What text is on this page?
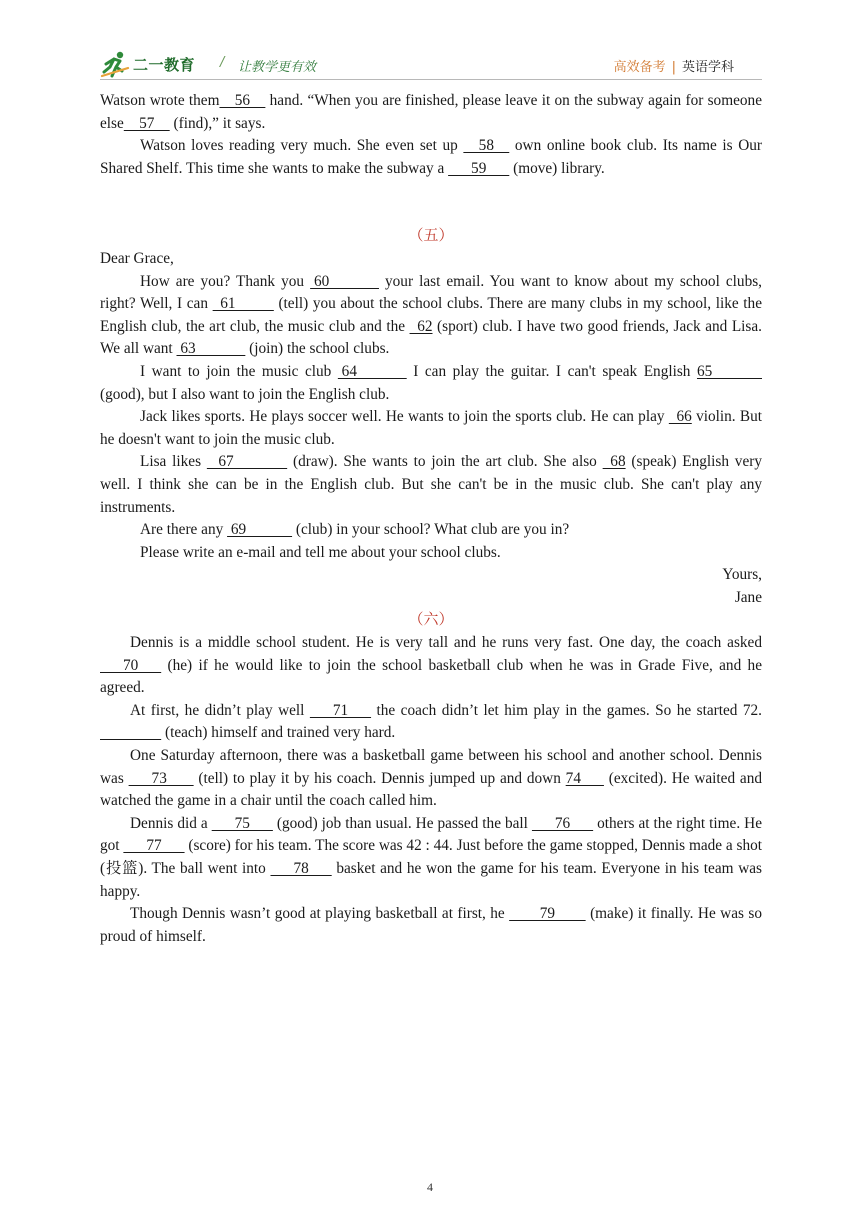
二一教育 / 让教学更有效	高效备考 | 英语学科

Watson wrote them    56     hand. “When you are finished, please leave it on the subway again for someone else    57     (find),” it says.

Watson loves reading very much. She even set up     58     own online book club. Its name is Our Shared Shelf. This time she wants to make the subway a       59       (move) library.

（五）

Dear Grace,

How are you? Thank you  60              your last email. You want to know about my school clubs, right? Well, I can   61           (tell) you about the school clubs. There are many clubs in my school, like the English club, the art club, the music club and the   62 (sport) club. I have two good friends, Jack and Lisa. We all want  63              (join) the school clubs.

I want to join the music club  64              I can play the guitar. I can't speak English 65              (good), but I also want to join the English club.

Jack likes sports. He plays soccer well. He wants to join the sports club. He can play   66 violin. But he doesn't want to join the music club.

Lisa likes    67               (draw). She wants to join the art club. She also   68 (speak) English very well. I think she can be in the English club. But she can't be in the music club. She can't play any instruments.

Are there any  69             (club) in your school? What club are you in?

Please write an e-mail and tell me about your school clubs.

Yours,

Jane

（六）

Dennis is a middle school student. He is very tall and he runs very fast. One day, the coach asked       70       (he) if he would like to join the school basketball club when he was in Grade Five, and he agreed.

At first, he didn’t play well       71       the coach didn’t let him play in the games. So he started 72.                  (teach) himself and trained very hard.

One Saturday afternoon, there was a basketball game between his school and another school. Dennis was       73        (tell) to play it by his coach. Dennis jumped up and down 74       (excited). He waited and watched the game in a chair until the coach called him.

Dennis did a       75       (good) job than usual. He passed the ball       76       others at the right time. He got       77       (score) for his team. The score was 42 : 44. Just before the game stopped, Dennis made a shot (投篮). The ball went into       78       basket and he won the game for his team. Everyone in his team was happy.

Though Dennis wasn’t good at playing basketball at first, he         79         (make) it finally. He was so proud of himself.

4
